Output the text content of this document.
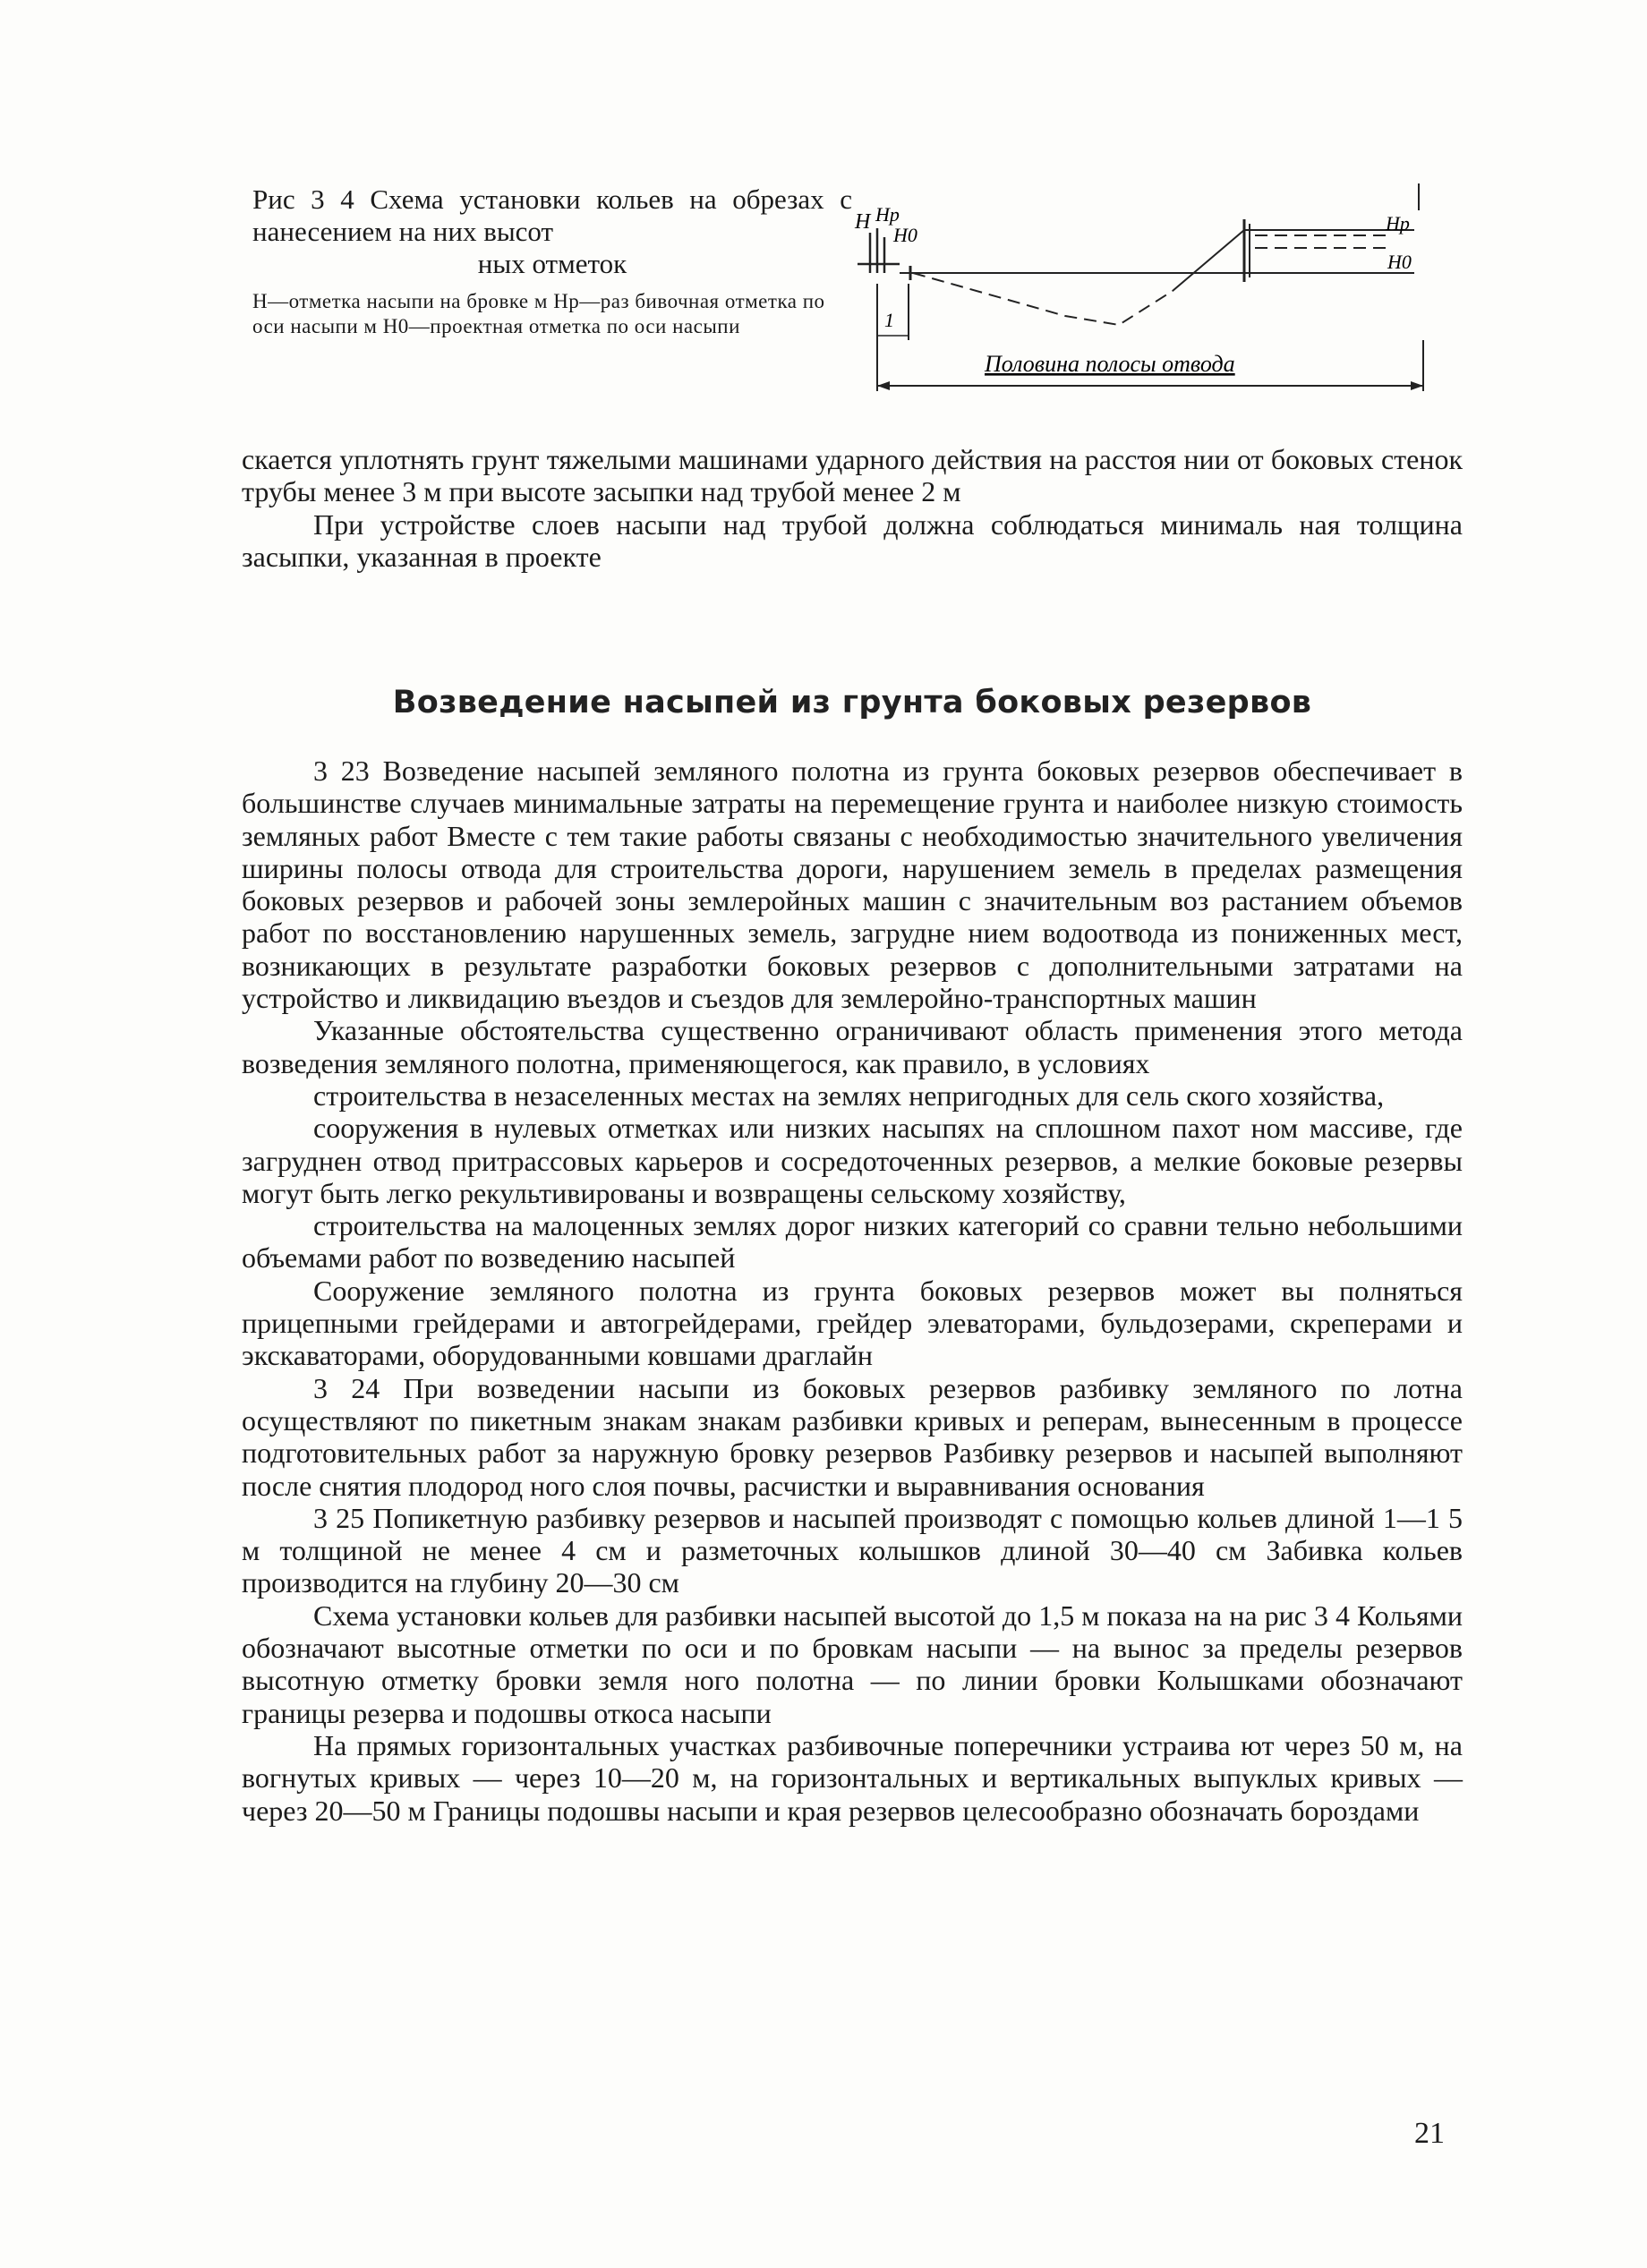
Рис 3 4 Схема установки кольев на обрезах с нанесением на них высот
ных отметок
Н—отметка насыпи на бровке м Нр—раз бивочная отметка по оси насыпи м Н0—проектная отметка по оси насыпи
Н Нр
Н0
Нр
Н0
1
Половина полосы отвода

скается уплотнять грунт тяжелыми машинами ударного действия на расстоя нии от боковых стенок трубы менее 3 м при высоте засыпки над трубой менее 2 м

При устройстве слоев насыпи над трубой должна соблюдаться минималь ная толщина засыпки, указанная в проекте

Возведение насыпей из грунта боковых резервов

3 23 Возведение насыпей земляного полотна из грунта боковых резервов обеспечивает в большинстве случаев минимальные затраты на перемещение грунта и наиболее низкую стоимость земляных работ Вместе с тем такие работы связаны с необходимостью значительного увеличения ширины полосы отвода для строительства дороги, нарушением земель в пределах размещения боковых резервов и рабочей зоны землеройных машин с значительным воз растанием объемов работ по восстановлению нарушенных земель, загрудне нием водоотвода из пониженных мест, возникающих в результате разработки боковых резервов с дополнительными затратами на устройство и ликвидацию въездов и съездов для землеройно-транспортных машин

Указанные обстоятельства существенно ограничивают область применения этого метода возведения земляного полотна, применяющегося, как правило, в условиях

строительства в незаселенных местах на землях непригодных для сель ского хозяйства,

сооружения в нулевых отметках или низких насыпях на сплошном пахот ном массиве, где загруднен отвод притрассовых карьеров и сосредоточенных резервов, а мелкие боковые резервы могут быть легко рекультивированы и возвращены сельскому хозяйству,

строительства на малоценных землях дорог низких категорий со сравни тельно небольшими объемами работ по возведению насыпей

Сооружение земляного полотна из грунта боковых резервов может вы полняться прицепными грейдерами и автогрейдерами, грейдер элеваторами, бульдозерами, скреперами и экскаваторами, оборудованными ковшами драглайн

3 24 При возведении насыпи из боковых резервов разбивку земляного по лотна осуществляют по пикетным знакам знакам разбивки кривых и реперам, вынесенным в процессе подготовительных работ за наружную бровку резервов Разбивку резервов и насыпей выполняют после снятия плодород ного слоя почвы, расчистки и выравнивания основания

3 25 Попикетную разбивку резервов и насыпей производят с помощью кольев длиной 1—1 5 м толщиной не менее 4 см и разметочных колышков длиной 30—40 см Забивка кольев производится на глубину 20—30 см

Схема установки кольев для разбивки насыпей высотой до 1,5 м показа на на рис 3 4 Кольями обозначают высотные отметки по оси и по бровкам насыпи — на вынос за пределы резервов высотную отметку бровки земля ного полотна — по линии бровки Колышками обозначают границы резерва и подошвы откоса насыпи

На прямых горизонтальных участках разбивочные поперечники устраива ют через 50 м, на вогнутых кривых — через 10—20 м, на горизонтальных и вертикальных выпуклых кривых — через 20—50 м Границы подошвы насыпи и края резервов целесообразно обозначать бороздами

21
